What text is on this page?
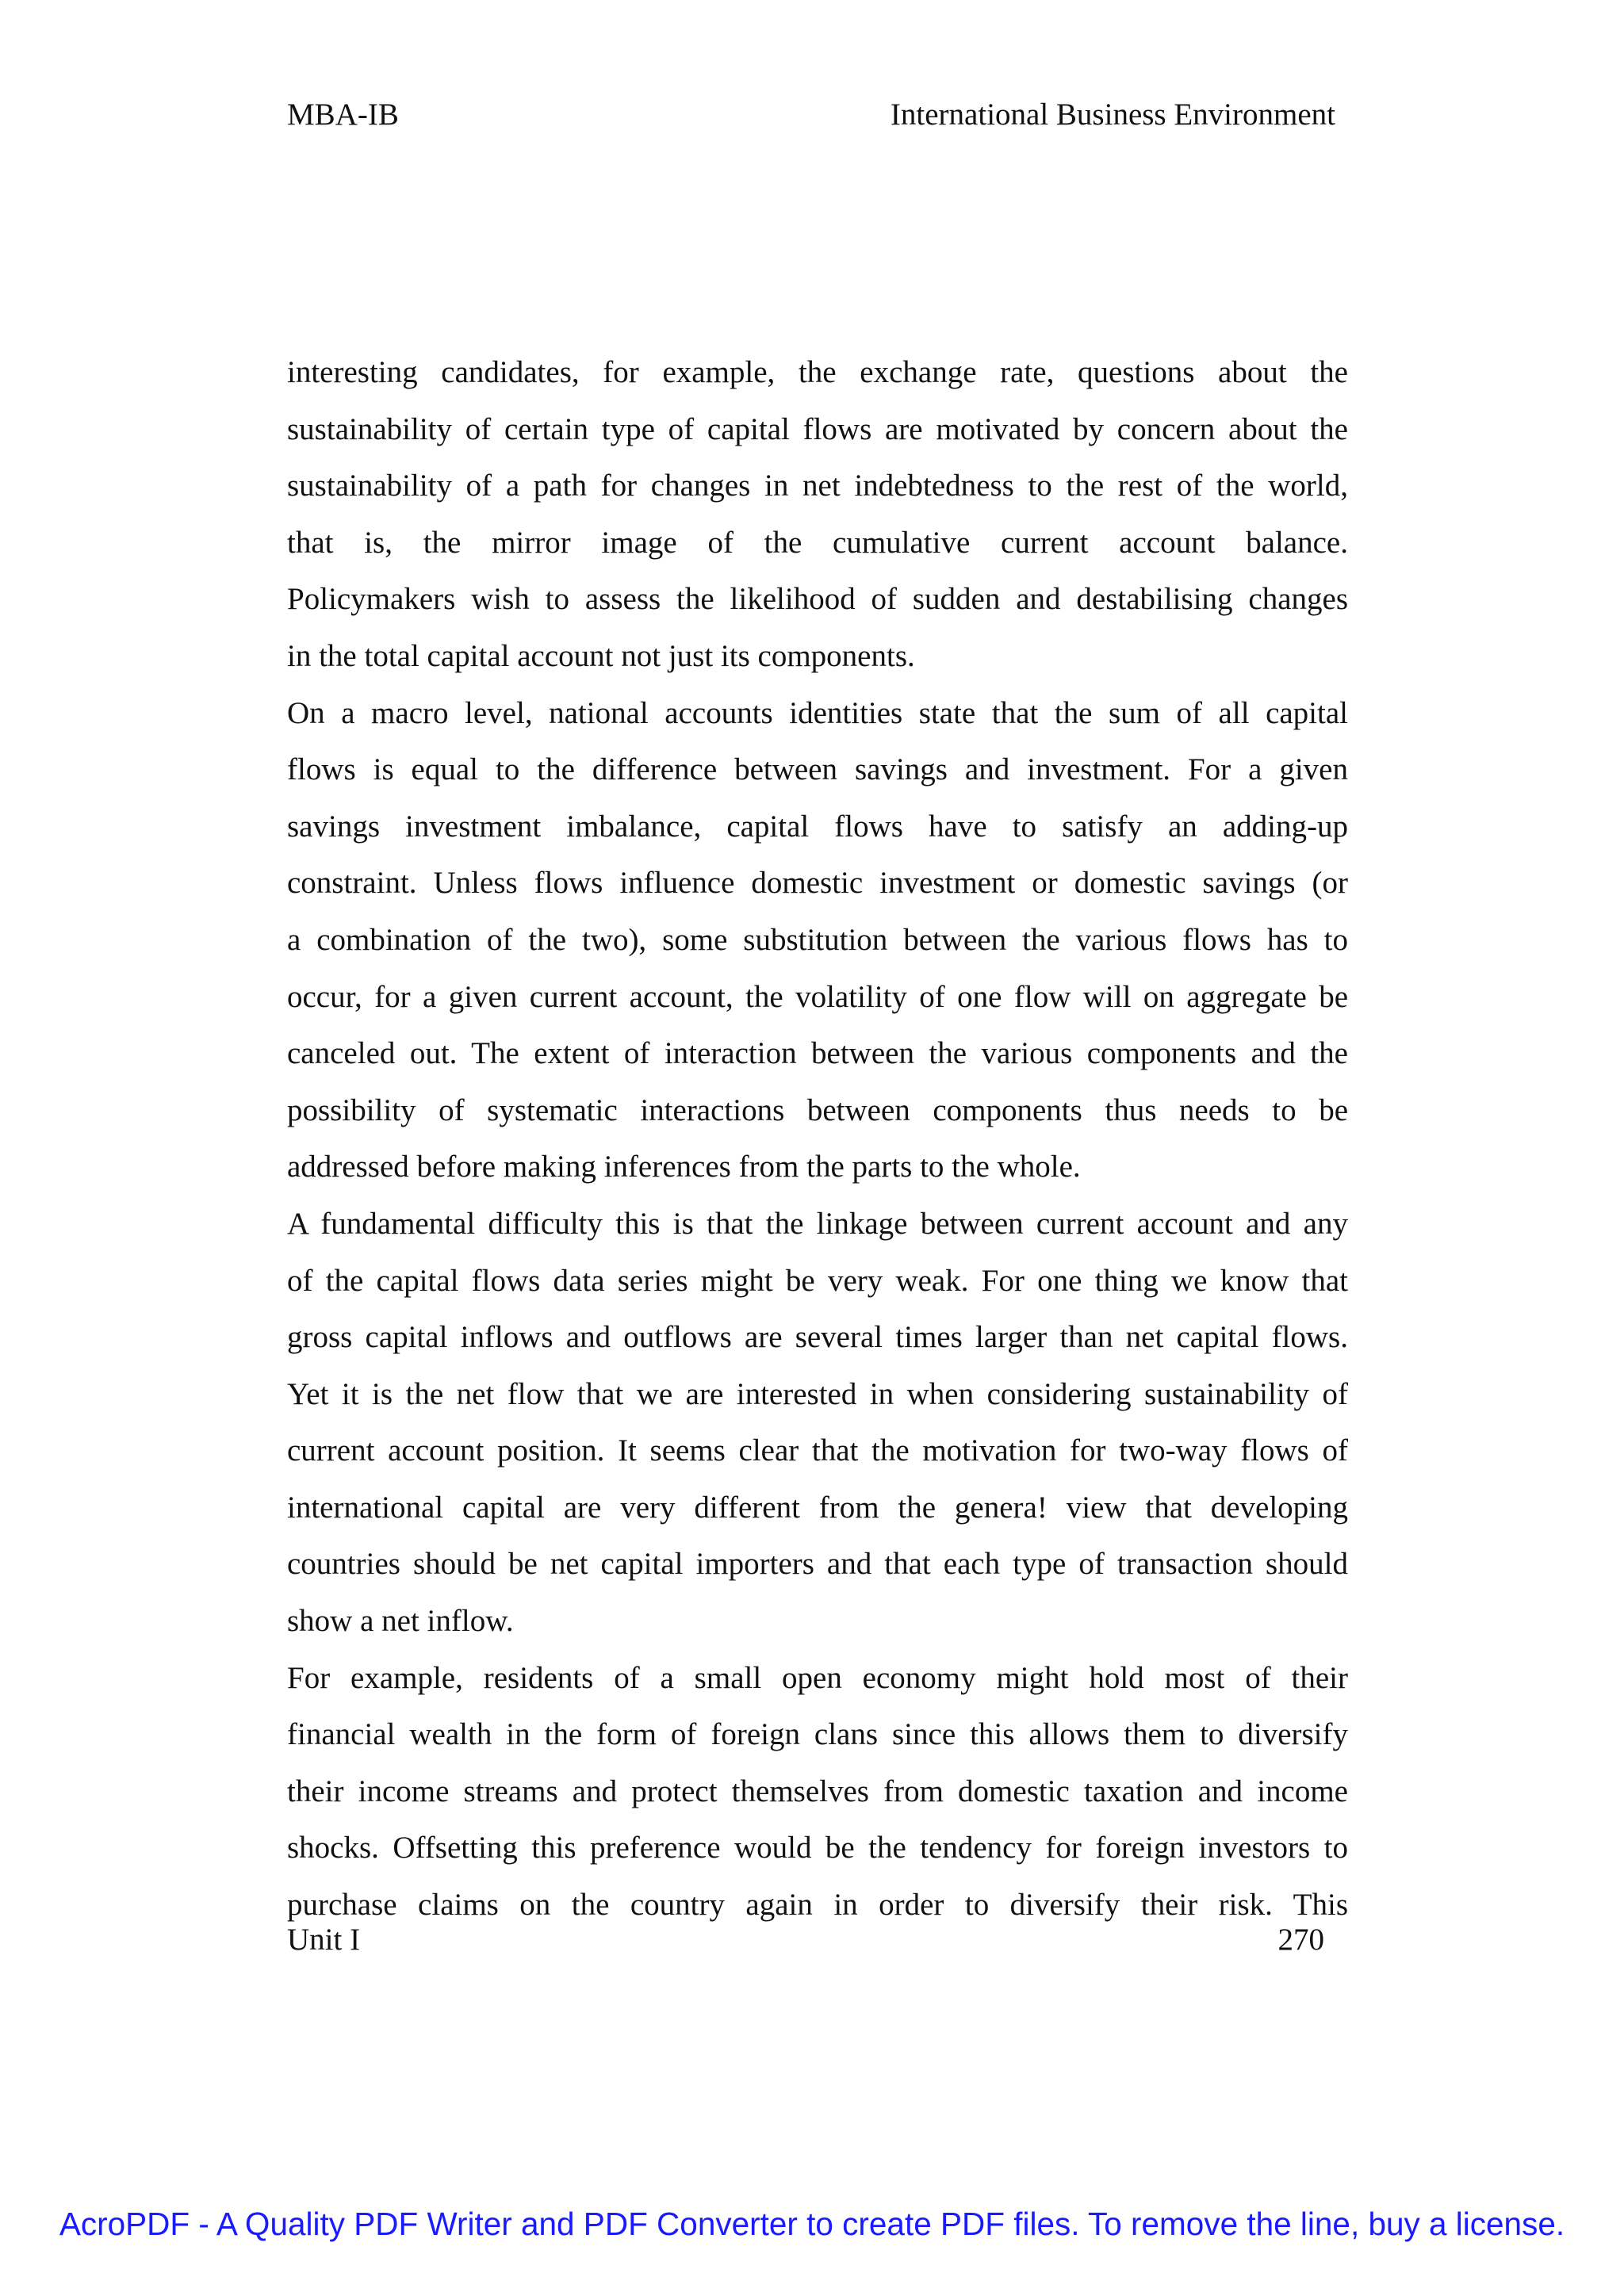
MBA-IB	International Business Environment
interesting candidates, for example, the exchange rate, questions about the
sustainability of certain type of capital flows are motivated by concern about the
sustainability of a path for changes in net indebtedness to the rest of the world,
that is, the mirror image of the cumulative current account balance.
Policymakers wish to assess the likelihood of sudden and destabilising changes
in the total capital account not just its components.
On a macro level, national accounts identities state that the sum of all capital
flows is equal to the difference between savings and investment. For a given
savings investment imbalance, capital flows have to satisfy an adding-up
constraint. Unless flows influence domestic investment or domestic savings (or
a combination of the two), some substitution between the various flows has to
occur, for a given current account, the volatility of one flow will on aggregate be
canceled out. The extent of interaction between the various components and the
possibility of systematic interactions between components thus needs to be
addressed before making inferences from the parts to the whole.
A fundamental difficulty this is that the linkage between current account and any
of the capital flows data series might be very weak. For one thing we know that
gross capital inflows and outflows are several times larger than net capital flows.
Yet it is the net flow that we are interested in when considering sustainability of
current account position. It seems clear that the motivation for two-way flows of
international capital are very different from the genera! view that developing
countries should be net capital importers and that each type of transaction should
show a net inflow.
For example, residents of a small open economy might hold most of their
financial wealth in the form of foreign clans since this allows them to diversify
their income streams and protect themselves from domestic taxation and income
shocks. Offsetting this preference would be the tendency for foreign investors to
purchase claims on the country again in order to diversify their risk. This
Unit I	270
AcroPDF - A Quality PDF Writer and PDF Converter to create PDF files. To remove the line, buy a license.
